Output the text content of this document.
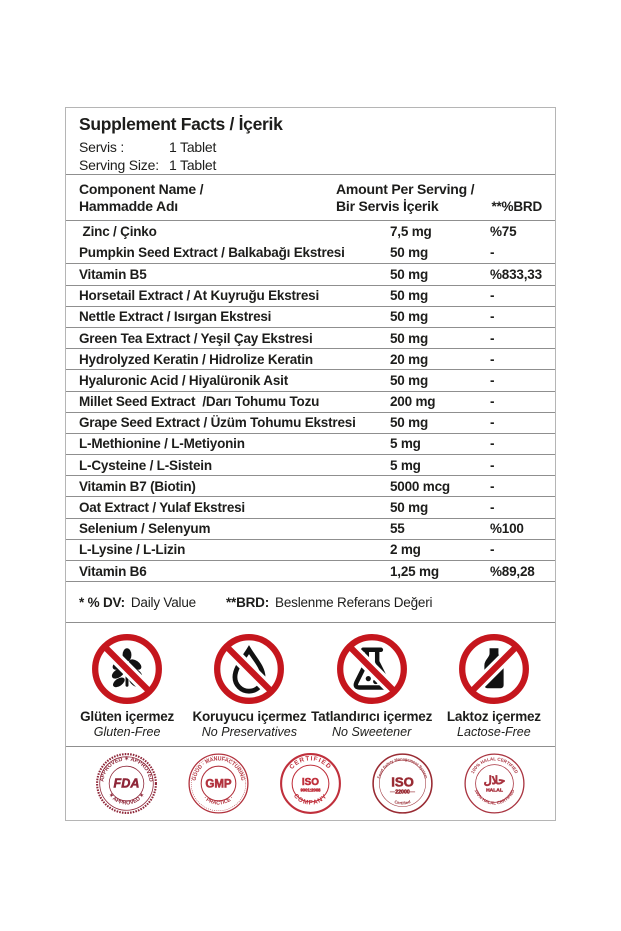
Supplement Facts / İçerik
Servis :	1 Tablet
Serving Size: 1 Tablet
Component Name /
Hammadde Adı
Amount Per Serving /
Bir Servis İçerik	**%BRD
Zinc / Çinko	7,5 mg	%75
Pumpkin Seed Extract / Balkabağı Ekstresi	50 mg	-
Vitamin B5	50 mg	%833,33
Horsetail Extract / At Kuyruğu Ekstresi	50 mg	-
Nettle Extract / Isırgan Ekstresi	50 mg	-
Green Tea Extract / Yeşil Çay Ekstresi	50 mg	-
Hydrolyzed Keratin / Hidrolize Keratin	20 mg	-
Hyaluronic Acid / Hiyalüronik Asit	50 mg	-
Millet Seed Extract  /Darı Tohumu Tozu	200 mg	-
Grape Seed Extract / Üzüm Tohumu Ekstresi	50 mg	-
L-Methionine / L-Metiyonin	5 mg	-
L-Cysteine / L-Sistein	5 mg	-
Vitamin B7 (Biotin)	5000 mcg	-
Oat Extract / Yulaf Ekstresi	50 mg	-
Selenium / Selenyum	55	%100
L-Lysine / L-Lizin	2 mg	-
Vitamin B6	1,25 mg	%89,28
* % DV: Daily Value **BRD: Beslenme Referans Değeri
Glüten içermez
Gluten-Free
Koruyucu içermez
No Preservatives
Tatlandırıcı içermez
No Sweetener
Laktoz içermez
Lactose-Free
APPROVED ✶ APPROVED
✶ APPROVED ✶
FDA	GOOD · MANUFACTURING
· PRACTICE ·
GMP
CERTIFIED
COMPANY
ISO
9001:2008
Food Safety Management System
Certified
ISO
22000
100% HALAL CERTIFIED
100% HALAL CERTIFIED
حلال
HALAL
